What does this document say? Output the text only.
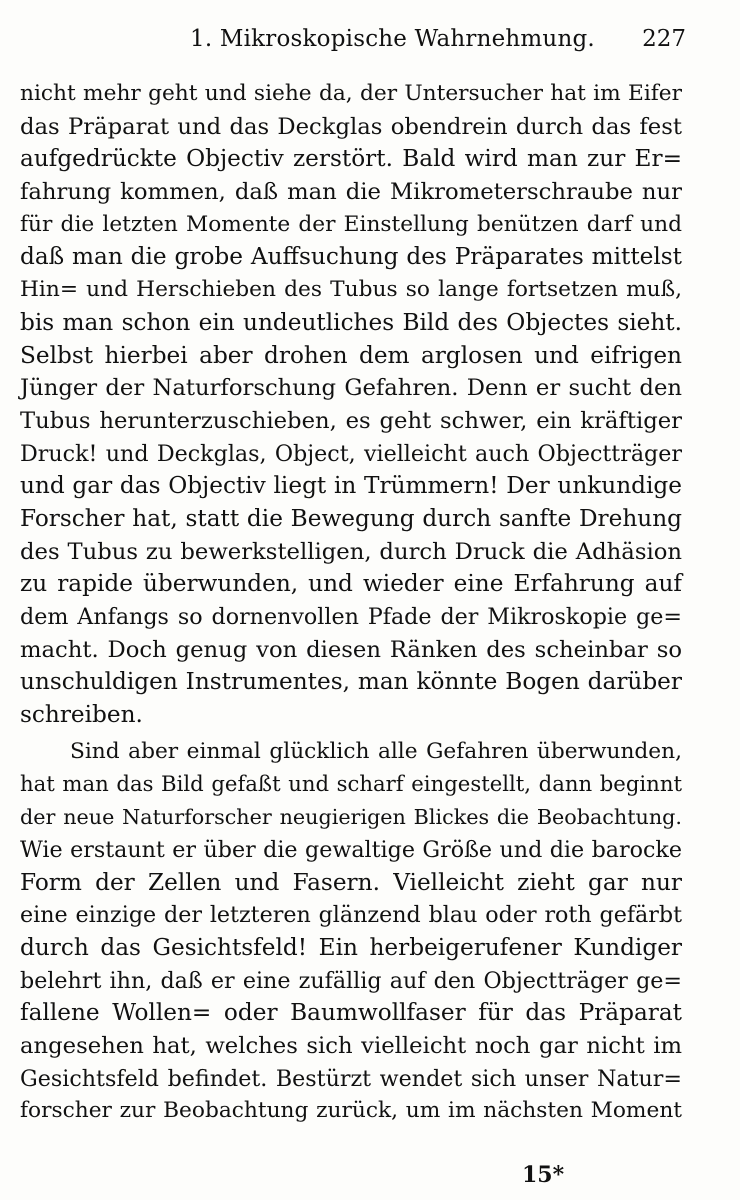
1. Mikroskopische Wahrnehmung. 227
nicht mehr geht und siehe da, der Untersucher hat im Eifer
das Präparat und das Deckglas obendrein durch das fest
aufgedrückte Objectiv zerstört. Bald wird man zur Er=
fahrung kommen, daß man die Mikrometerschraube nur
für die letzten Momente der Einstellung benützen darf und
daß man die grobe Auffsuchung des Präparates mittelst
Hin= und Herschieben des Tubus so lange fortsetzen muß,
bis man schon ein undeutliches Bild des Objectes sieht.
Selbst hierbei aber drohen dem arglosen und eifrigen
Jünger der Naturforschung Gefahren. Denn er sucht den
Tubus herunterzuschieben, es geht schwer, ein kräftiger
Druck! und Deckglas, Object, vielleicht auch Objectträger
und gar das Objectiv liegt in Trümmern! Der unkundige
Forscher hat, statt die Bewegung durch sanfte Drehung
des Tubus zu bewerkstelligen, durch Druck die Adhäsion
zu rapide überwunden, und wieder eine Erfahrung auf
dem Anfangs so dornenvollen Pfade der Mikroskopie ge=
macht. Doch genug von diesen Ränken des scheinbar so
unschuldigen Instrumentes, man könnte Bogen darüber
schreiben.
Sind aber einmal glücklich alle Gefahren überwunden,
hat man das Bild gefaßt und scharf eingestellt, dann beginnt
der neue Naturforscher neugierigen Blickes die Beobachtung.
Wie erstaunt er über die gewaltige Größe und die barocke
Form der Zellen und Fasern. Vielleicht zieht gar nur
eine einzige der letzteren glänzend blau oder roth gefärbt
durch das Gesichtsfeld! Ein herbeigerufener Kundiger
belehrt ihn, daß er eine zufällig auf den Objectträger ge=
fallene Wollen= oder Baumwollfaser für das Präparat
angesehen hat, welches sich vielleicht noch gar nicht im
Gesichtsfeld befindet. Bestürzt wendet sich unser Natur=
forscher zur Beobachtung zurück, um im nächsten Moment
15*
